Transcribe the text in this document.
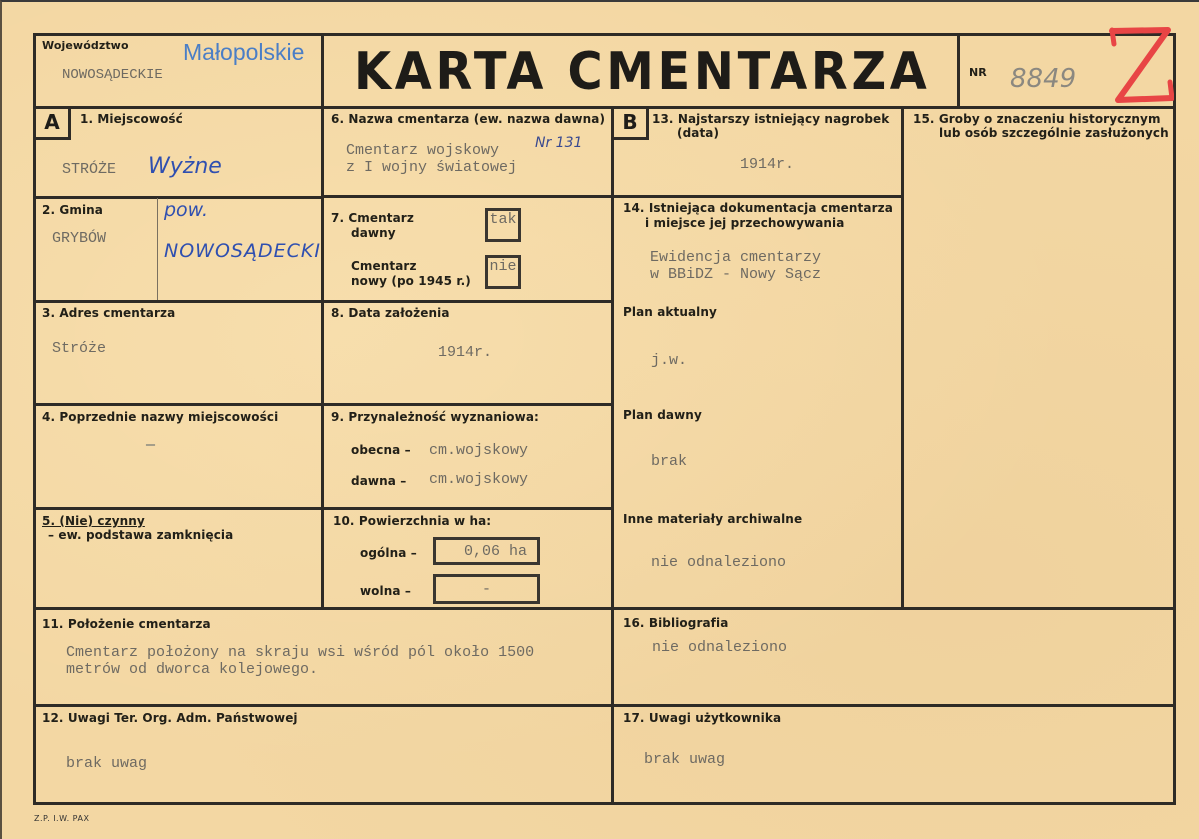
Województwo
NOWOSĄDECKIE
Małopolskie KARTA CMENTARZA	NR 8849
A	1. Miejscowość
STRÓŻE Wyżne
2. Gmina
GRYBÓW
pow.
NOWOSĄDECKI
3. Adres cmentarza
Stróże
4. Poprzednie nazwy miejscowości
—
5. (Nie) czynny
– ew. podstawa zamknięcia
6. Nazwa cmentarza (ew. nazwa dawna)
Cmentarz wojskowy
z I wojny światowej
Nr 131
7. Cmentarz
dawny
tak
Cmentarz
nowy (po 1945 r.)
nie
8. Data założenia
1914r.
9. Przynależność wyznaniowa:
obecna – cm.wojskowy
dawna – cm.wojskowy
10. Powierzchnia w ha:
ogólna –	0,06 ha
wolna –	-
11. Położenie cmentarza
Cmentarz położony na skraju wsi wśród pól około 1500
metrów od dworca kolejowego.
12. Uwagi Ter. Org. Adm. Państwowej
brak uwag
B	13. Najstarszy istniejący nagrobek
(data)
1914r.
14. Istniejąca dokumentacja cmentarza
i miejsce jej przechowywania
Ewidencja cmentarzy
w BBiDZ - Nowy Sącz
Plan aktualny
j.w.
Plan dawny
brak
Inne materiały archiwalne
nie odnaleziono
15. Groby o znaczeniu historycznym
lub osób szczególnie zasłużonych
16. Bibliografia
nie odnaleziono
17. Uwagi użytkownika
brak uwag
Z.P. I.W. PAX
